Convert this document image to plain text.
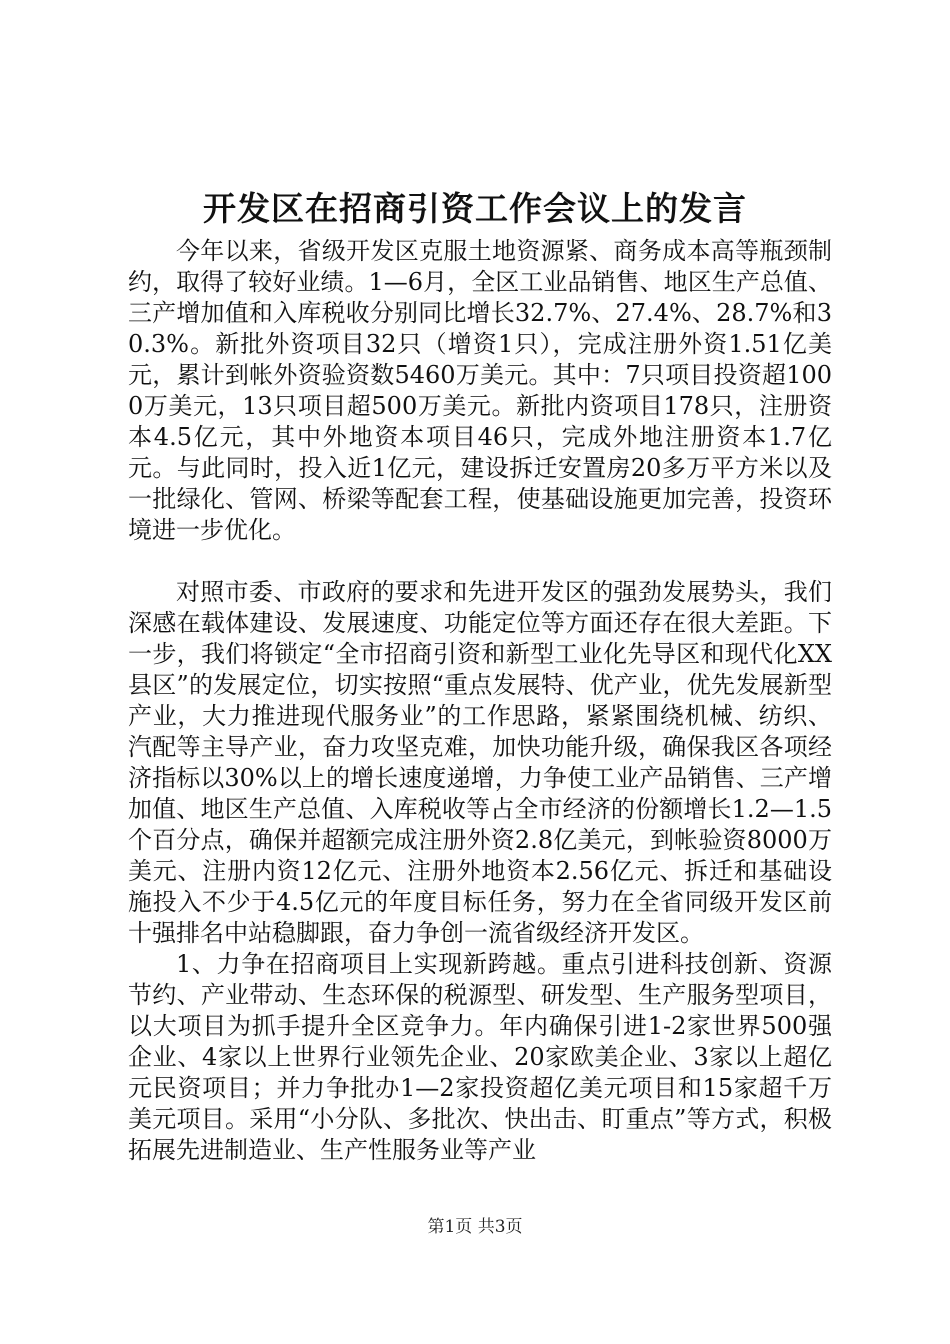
开发区在招商引资工作会议上的发言

今年以来，省级开发区克服土地资源紧、商务成本高等瓶颈制约，取得了较好业绩。1—6月，全区工业品销售、地区生产总值、三产增加值和入库税收分别同比增长32.7%、27.4%、28.7%和30.3%。新批外资项目32只（增资1只），完成注册外资1.51亿美元，累计到帐外资验资数5460万美元。其中：7只项目投资超1000万美元，13只项目超500万美元。新批内资项目178只，注册资本4.5亿元，其中外地资本项目46只，完成外地注册资本1.7亿元。与此同时，投入近1亿元，建设拆迁安置房20多万平方米以及一批绿化、管网、桥梁等配套工程，使基础设施更加完善，投资环境进一步优化。

对照市委、市政府的要求和先进开发区的强劲发展势头，我们深感在载体建设、发展速度、功能定位等方面还存在很大差距。下一步，我们将锁定“全市招商引资和新型工业化先导区和现代化XX县区”的发展定位，切实按照“重点发展特、优产业，优先发展新型产业，大力推进现代服务业”的工作思路，紧紧围绕机械、纺织、汽配等主导产业，奋力攻坚克难，加快功能升级，确保我区各项经济指标以30%以上的增长速度递增，力争使工业产品销售、三产增加值、地区生产总值、入库税收等占全市经济的份额增长1.2—1.5个百分点，确保并超额完成注册外资2.8亿美元，到帐验资8000万美元、注册内资12亿元、注册外地资本2.56亿元、拆迁和基础设施投入不少于4.5亿元的年度目标任务，努力在全省同级开发区前十强排名中站稳脚跟，奋力争创一流省级经济开发区。

1、力争在招商项目上实现新跨越。重点引进科技创新、资源节约、产业带动、生态环保的税源型、研发型、生产服务型项目，以大项目为抓手提升全区竞争力。年内确保引进1-2家世界500强企业、4家以上世界行业领先企业、20家欧美企业、3家以上超亿元民资项目；并力争批办1—2家投资超亿美元项目和15家超千万美元项目。采用“小分队、多批次、快出击、盯重点”等方式，积极拓展先进制造业、生产性服务业等产业

第1页 共3页
